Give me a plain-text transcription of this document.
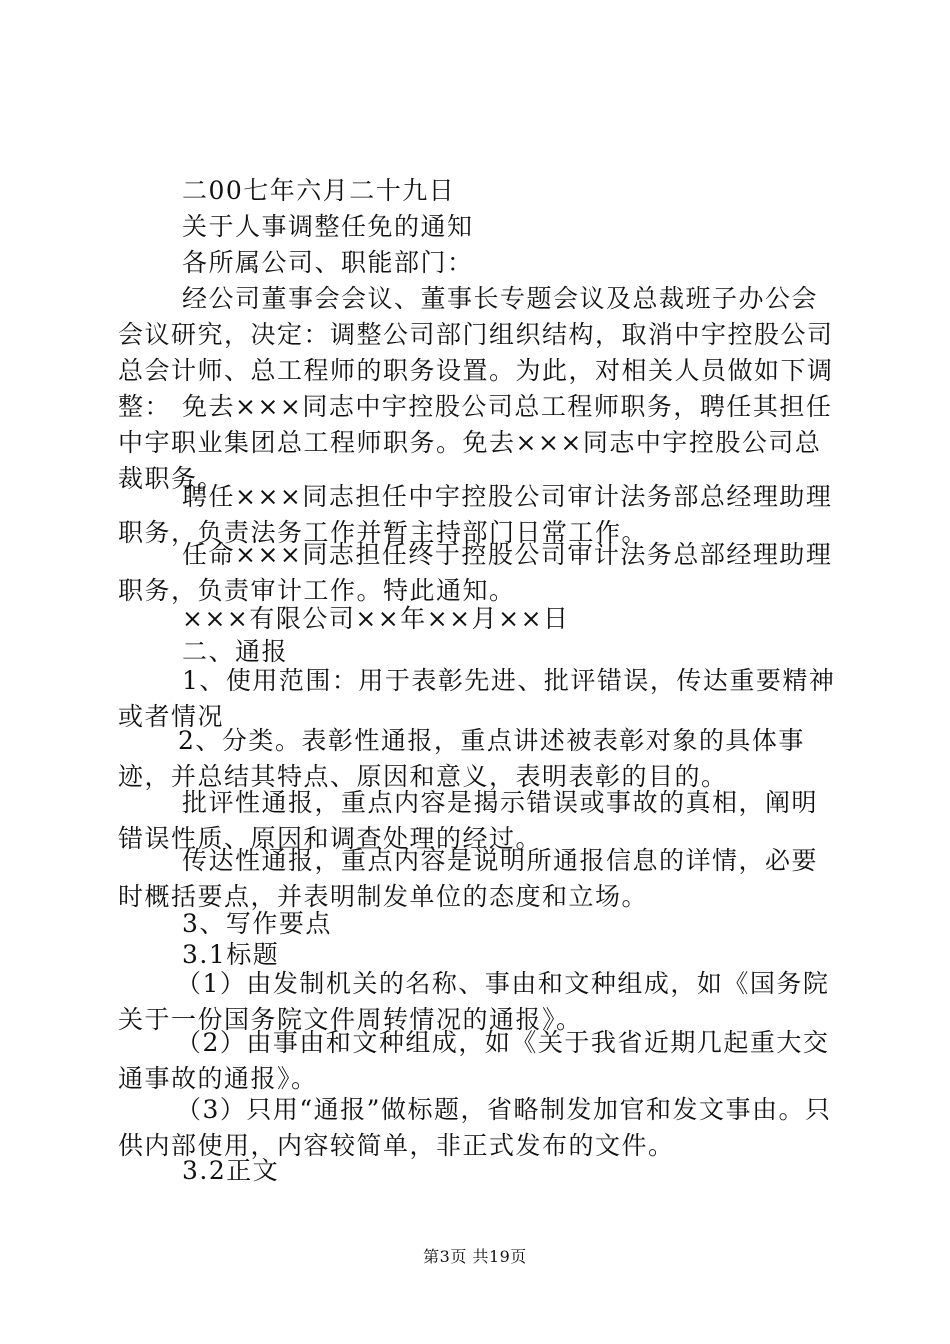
二00七年六月二十九日

关于人事调整任免的通知

各所属公司、职能部门：

经公司董事会会议、董事长专题会议及总裁班子办公会会议研究，决定：调整公司部门组织结构，取消中宇控股公司总会计师、总工程师的职务设置。为此，对相关人员做如下调整： 免去×××同志中宇控股公司总工程师职务，聘任其担任中宇职业集团总工程师职务。免去×××同志中宇控股公司总裁职务。

聘任×××同志担任中宇控股公司审计法务部总经理助理职务，负责法务工作并暂主持部门日常工作。

任命×××同志担任终于控股公司审计法务总部经理助理职务，负责审计工作。特此通知。

×××有限公司××年××月××日

二、通报

1、使用范围：用于表彰先进、批评错误，传达重要精神或者情况

2、分类。表彰性通报，重点讲述被表彰对象的具体事迹，并总结其特点、原因和意义，表明表彰的目的。

批评性通报，重点内容是揭示错误或事故的真相，阐明错误性质、原因和调查处理的经过。

传达性通报，重点内容是说明所通报信息的详情，必要时概括要点，并表明制发单位的态度和立场。

3、写作要点

3.1标题

（1）由发制机关的名称、事由和文种组成，如《国务院关于一份国务院文件周转情况的通报》。

（2）由事由和文种组成，如《关于我省近期几起重大交通事故的通报》。

（3）只用“通报”做标题，省略制发加官和发文事由。只供内部使用，内容较简单，非正式发布的文件。

3.2正文

第3页 共19页
